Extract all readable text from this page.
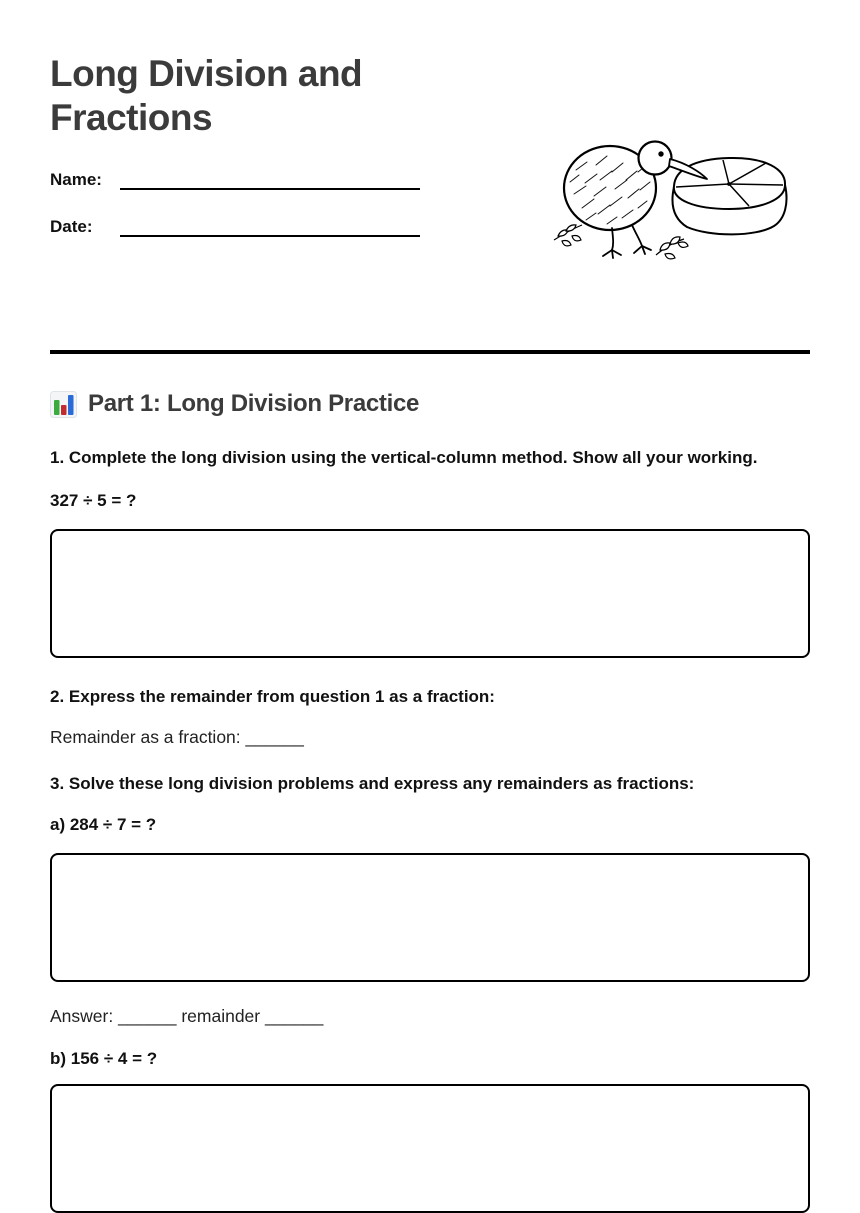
Long Division and Fractions
Name:
Date:
Part 1: Long Division Practice

1. Complete the long division using the vertical-column method. Show all your working.

327 ÷ 5 = ?

2. Express the remainder from question 1 as a fraction:

Remainder as a fraction: ______

3. Solve these long division problems and express any remainders as fractions:

a) 284 ÷ 7 = ?

Answer: ______ remainder ______

b) 156 ÷ 4 = ?
